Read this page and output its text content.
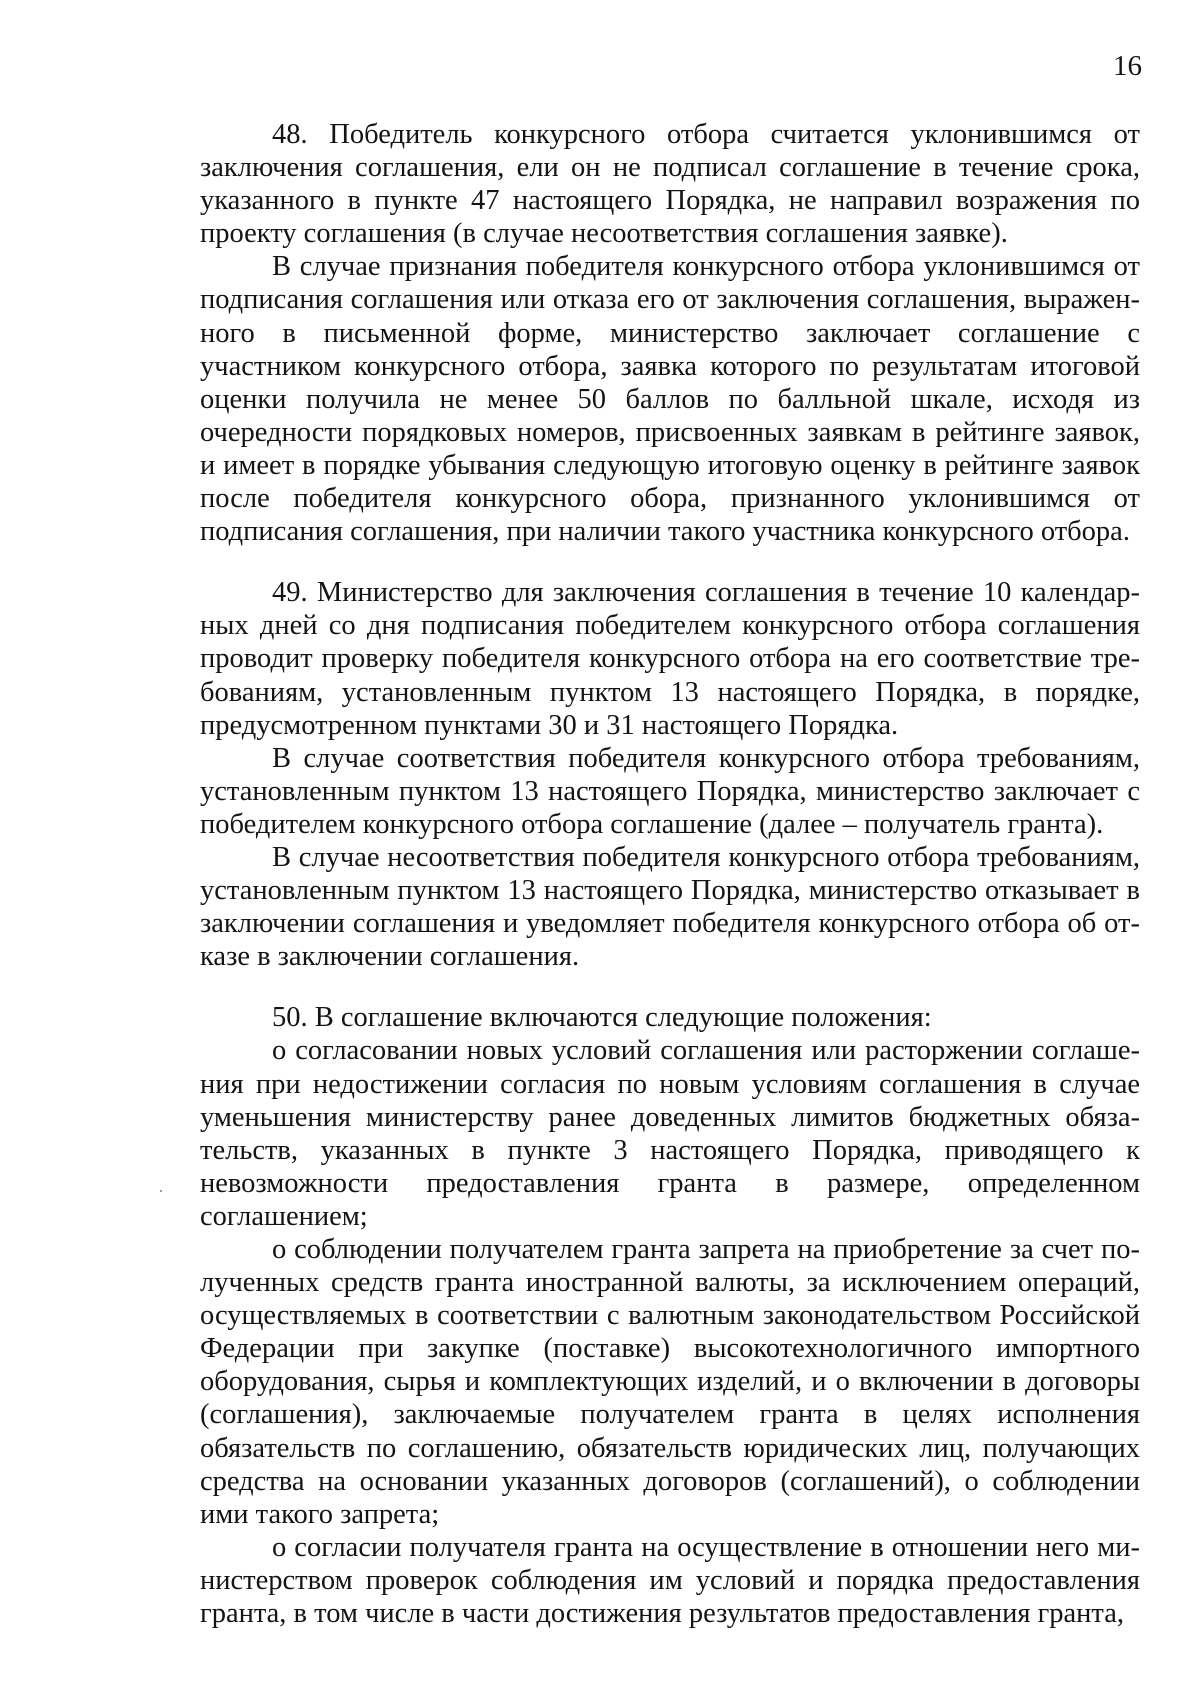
16

48. Победитель конкурсного отбора считается уклонившимся от заключения соглашения, ели он не подписал соглашение в течение срока, указанного в пункте 47 настоящего Порядка, не направил возражения по проекту соглашения (в случае несоответствия соглашения заявке).

В случае признания победителя конкурсного отбора уклонившимся от подписания соглашения или отказа его от заключения соглашения, выраженного в письменной форме, министерство заключает соглашение с участником конкурсного отбора, заявка которого по результатам итоговой оценки получила не менее 50 баллов по балльной шкале, исходя из очередности порядковых номеров, присвоенных заявкам в рейтинге заявок, и имеет в порядке убывания следующую итоговую оценку в рейтинге заявок после победителя конкурсного обора, признанного уклонившимся от подписания соглашения, при наличии такого участника конкурсного отбора.

49. Министерство для заключения соглашения в течение 10 календарных дней со дня подписания победителем конкурсного отбора соглашения проводит проверку победителя конкурсного отбора на его соответствие требованиям, установленным пунктом 13 настоящего Порядка, в порядке, предусмотренном пунктами 30 и 31 настоящего Порядка.

В случае соответствия победителя конкурсного отбора требованиям, установленным пунктом 13 настоящего Порядка, министерство заключает с победителем конкурсного отбора соглашение (далее – получатель гранта).

В случае несоответствия победителя конкурсного отбора требованиям, установленным пунктом 13 настоящего Порядка, министерство отказывает в заключении соглашения и уведомляет победителя конкурсного отбора об отказе в заключении соглашения.

50. В соглашение включаются следующие положения:

о согласовании новых условий соглашения или расторжении соглашения при недостижении согласия по новым условиям соглашения в случае уменьшения министерству ранее доведенных лимитов бюджетных обязательств, указанных в пункте 3 настоящего Порядка, приводящего к невозможности предоставления гранта в размере, определенном соглашением;

о соблюдении получателем гранта запрета на приобретение за счет полученных средств гранта иностранной валюты, за исключением операций, осуществляемых в соответствии с валютным законодательством Российской Федерации при закупке (поставке) высокотехнологичного импортного оборудования, сырья и комплектующих изделий, и о включении в договоры (соглашения), заключаемые получателем гранта в целях исполнения обязательств по соглашению, обязательств юридических лиц, получающих средства на основании указанных договоров (соглашений), о соблюдении ими такого запрета;

о согласии получателя гранта на осуществление в отношении него министерством проверок соблюдения им условий и порядка предоставления гранта, в том числе в части достижения результатов предоставления гранта,
